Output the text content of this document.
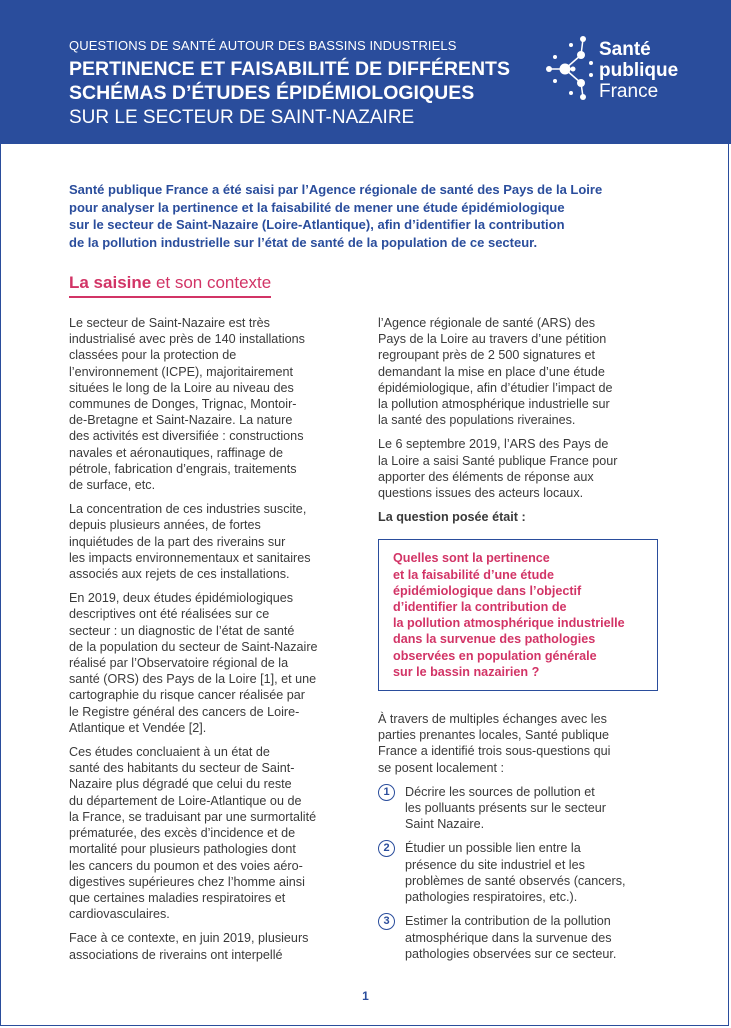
QUESTIONS DE SANTÉ AUTOUR DES BASSINS INDUSTRIELS
PERTINENCE ET FAISABILITÉ DE DIFFÉRENTS
SCHÉMAS D’ÉTUDES ÉPIDÉMIOLOGIQUES
SUR LE SECTEUR DE SAINT-NAZAIRE
Santé
publique
France
Santé publique France a été saisi par l’Agence régionale de santé des Pays de la Loire
pour analyser la pertinence et la faisabilité de mener une étude épidémiologique
sur le secteur de Saint-Nazaire (Loire-Atlantique), afin d’identifier la contribution
de la pollution industrielle sur l’état de santé de la population de ce secteur.
La saisine et son contexte

Le secteur de Saint-Nazaire est très
industrialisé avec près de 140 installations
classées pour la protection de
l’environnement (ICPE), majoritairement
situées le long de la Loire au niveau des
communes de Donges, Trignac, Montoir-
de-Bretagne et Saint-Nazaire. La nature
des activités est diversifiée : constructions
navales et aéronautiques, raffinage de
pétrole, fabrication d’engrais, traitements
de surface, etc.

La concentration de ces industries suscite,
depuis plusieurs années, de fortes
inquiétudes de la part des riverains sur
les impacts environnementaux et sanitaires
associés aux rejets de ces installations.

En 2019, deux études épidémiologiques
descriptives ont été réalisées sur ce
secteur : un diagnostic de l’état de santé
de la population du secteur de Saint-Nazaire
réalisé par l’Observatoire régional de la
santé (ORS) des Pays de la Loire [1], et une
cartographie du risque cancer réalisée par
le Registre général des cancers de Loire-
Atlantique et Vendée [2].

Ces études concluaient à un état de
santé des habitants du secteur de Saint-
Nazaire plus dégradé que celui du reste
du département de Loire-Atlantique ou de
la France, se traduisant par une surmortalité
prématurée, des excès d’incidence et de
mortalité pour plusieurs pathologies dont
les cancers du poumon et des voies aéro-
digestives supérieures chez l’homme ainsi
que certaines maladies respiratoires et
cardiovasculaires.

Face à ce contexte, en juin 2019, plusieurs
associations de riverains ont interpellé

l’Agence régionale de santé (ARS) des
Pays de la Loire au travers d’une pétition
regroupant près de 2 500 signatures et
demandant la mise en place d’une étude
épidémiologique, afin d’étudier l’impact de
la pollution atmosphérique industrielle sur
la santé des populations riveraines.

Le 6 septembre 2019, l’ARS des Pays de
la Loire a saisi Santé publique France pour
apporter des éléments de réponse aux
questions issues des acteurs locaux.

La question posée était :
Quelles sont la pertinence
et la faisabilité d’une étude
épidémiologique dans l’objectif
d’identifier la contribution de
la pollution atmosphérique industrielle
dans la survenue des pathologies
observées en population générale
sur le bassin nazairien ?

À travers de multiples échanges avec les
parties prenantes locales, Santé publique
France a identifié trois sous-questions qui
se posent localement :

1	Décrire les sources de pollution et
les polluants présents sur le secteur
Saint Nazaire.
2	Étudier un possible lien entre la
présence du site industriel et les
problèmes de santé observés (cancers,
pathologies respiratoires, etc.).
3	Estimer la contribution de la pollution
atmosphérique dans la survenue des
pathologies observées sur ce secteur.
1
